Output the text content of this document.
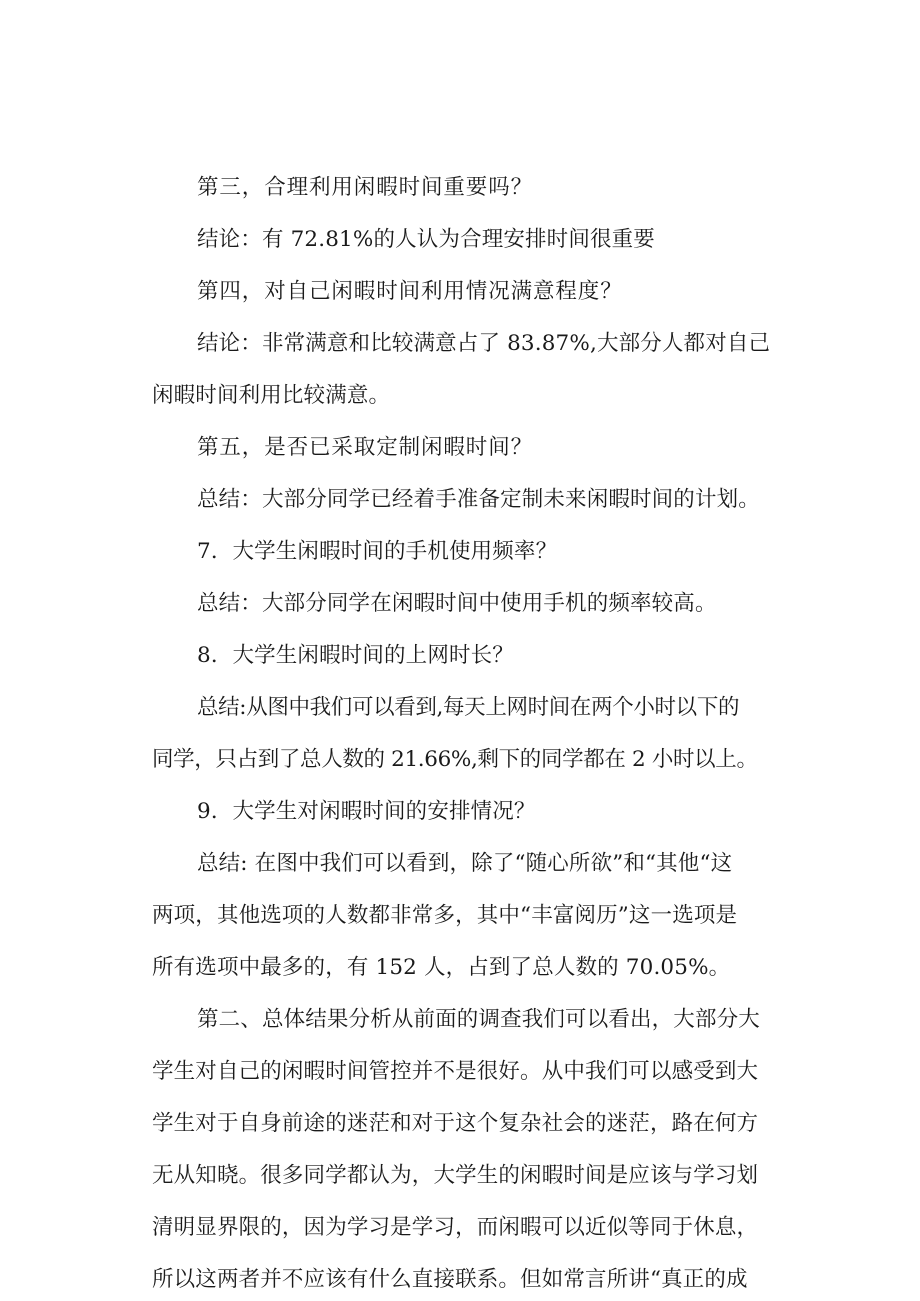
第三，合理利用闲暇时间重要吗？
结论：有 72.81%的人认为合理安排时间很重要
第四，对自己闲暇时间利用情况满意程度？
结论：非常满意和比较满意占了 83.87%,大部分人都对自己
闲暇时间利用比较满意。
第五，是否已采取定制闲暇时间？
总结：大部分同学已经着手准备定制未来闲暇时间的计划。
7．大学生闲暇时间的手机使用频率？
总结：大部分同学在闲暇时间中使用手机的频率较高。
8．大学生闲暇时间的上网时长？
总结:从图中我们可以看到,每天上网时间在两个小时以下的
同学，只占到了总人数的 21.66%,剩下的同学都在 2 小时以上。
9．大学生对闲暇时间的安排情况？
总结: 在图中我们可以看到，除了“随心所欲”和“其他“这
两项，其他选项的人数都非常多，其中“丰富阅历”这一选项是
所有选项中最多的，有 152 人，占到了总人数的 70.05%。
第二、总体结果分析从前面的调查我们可以看出，大部分大
学生对自己的闲暇时间管控并不是很好。从中我们可以感受到大
学生对于自身前途的迷茫和对于这个复杂社会的迷茫，路在何方
无从知晓。很多同学都认为，大学生的闲暇时间是应该与学习划
清明显界限的，因为学习是学习，而闲暇可以近似等同于休息，
所以这两者并不应该有什么直接联系。但如常言所讲“真正的成
